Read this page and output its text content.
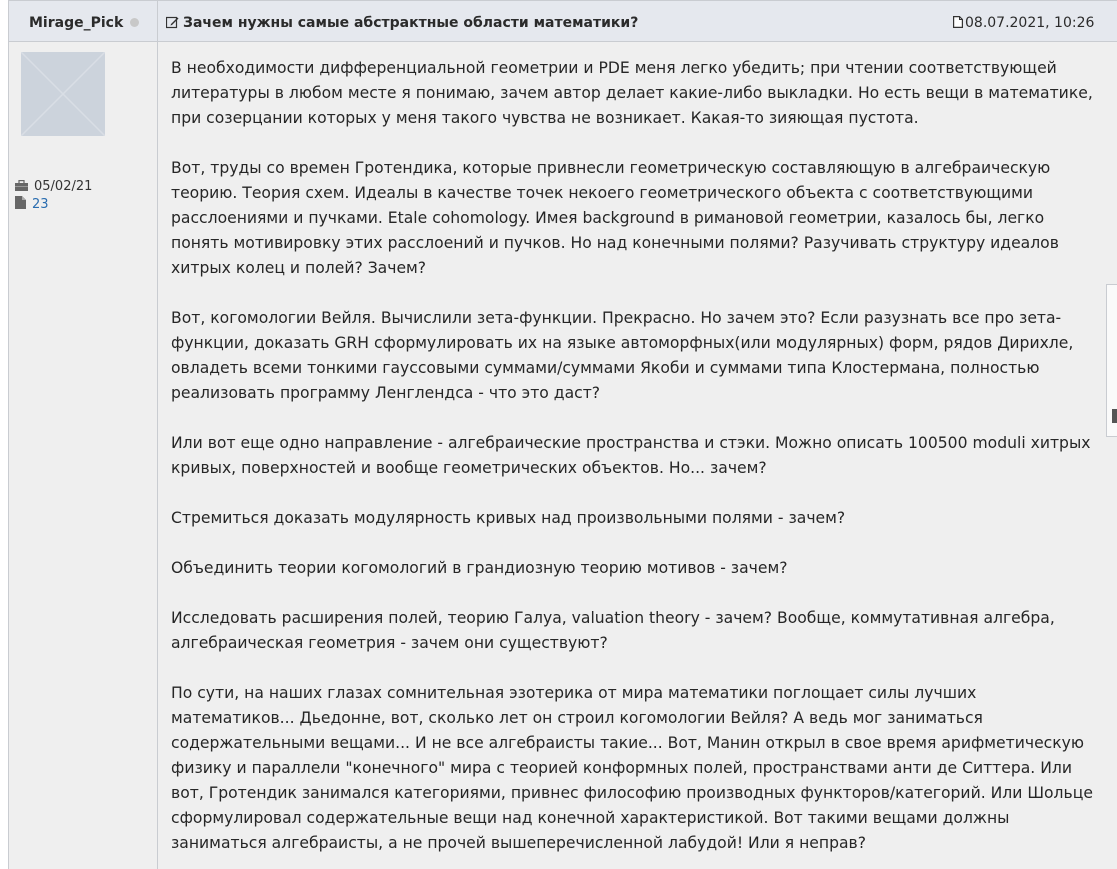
Mirage_Pick	Зачем нужны самые абстрактные области математики?	08.07.2021, 10:26
05/02/21
23

В необходимости дифференциальной геометрии и PDE меня легко убедить; при чтении соответствующей литературы в любом месте я понимаю, зачем автор делает какие-либо выкладки. Но есть вещи в математике, при созерцании которых у меня такого чувства не возникает. Какая-то зияющая пустота.

Вот, труды со времен Гротендика, которые привнесли геометрическую составляющую в алгебраическую теорию. Теория схем. Идеалы в качестве точек некоего геометрического объекта с соответствующими расслоениями и пучками. Etale cohomology. Имея background в римановой геометрии, казалось бы, легко понять мотивировку этих расслоений и пучков. Но над конечными полями? Разучивать структуру идеалов хитрых колец и полей? Зачем?

Вот, когомологии Вейля. Вычислили зета-функции. Прекрасно. Но зачем это? Если разузнать все про зета-функции, доказать GRH сформулировать их на языке автоморфных(или модулярных) форм, рядов Дирихле, овладеть всеми тонкими гауссовыми суммами/суммами Якоби и суммами типа Клостермана, полностью реализовать программу Ленглендса - что это даст?

Или вот еще одно направление - алгебраические пространства и стэки. Можно описать 100500 moduli хитрых кривых, поверхностей и вообще геометрических объектов. Но... зачем?

Стремиться доказать модулярность кривых над произвольными полями - зачем?

Объединить теории когомологий в грандиозную теорию мотивов - зачем?

Исследовать расширения полей, теорию Галуа, valuation theory - зачем? Вообще, коммутативная алгебра, алгебраическая геометрия - зачем они существуют?

По сути, на наших глазах сомнительная эзотерика от мира математики поглощает силы лучших математиков... Дьедонне, вот, сколько лет он строил когомологии Вейля? А ведь мог заниматься содержательными вещами... И не все алгебраисты такие... Вот, Манин открыл в свое время арифметическую физику и параллели "конечного" мира с теорией конформных полей, пространствами анти де Ситтера. Или вот, Гротендик занимался категориями, привнес философию производных функторов/категорий. Или Шольце сформулировал содержательные вещи над конечной характеристикой. Вот такими вещами должны заниматься алгебраисты, а не прочей вышеперечисленной лабудой! Или я неправ?
